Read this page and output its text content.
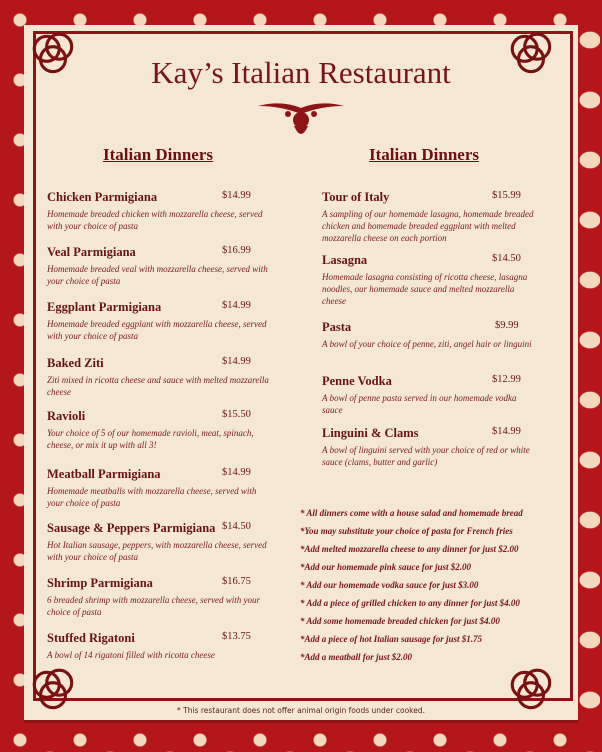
Kay’s Italian Restaurant
Italian Dinners	Italian Dinners
Chicken Parmigiana	$14.99
Homemade breaded chicken with mozzarella cheese, served with your choice of pasta
Veal Parmigiana	$16.99
Homemade breaded veal with mozzarella cheese, served with your choice of pasta
Eggplant Parmigiana	$14.99
Homemade breaded eggplant with mozzarella cheese, served with your choice of pasta
Baked Ziti	$14.99
Ziti mixed in ricotta cheese and sauce with melted mozzarella cheese
Ravioli	$15.50
Your choice of 5 of our homemade ravioli, meat, spinach, cheese, or mix it up with all 3!
Meatball Parmigiana	$14.99
Homemade meatballs with mozzarella cheese, served with your choice of pasta
Sausage & Peppers Parmigiana $14.50
Hot Italian sausage, peppers, with mozzarella cheese, served with your choice of pasta
Shrimp Parmigiana	$16.75
6 breaded shrimp with mozzarella cheese, served with your choice of pasta
Stuffed Rigatoni	$13.75
A bowl of 14 rigatoni filled with ricotta cheese
Tour of Italy	$15.99
A sampling of our homemade lasagna, homemade breaded chicken and homemade breaded eggplant with melted mozzarella cheese on each portion
Lasagna	$14.50
Homemade lasagna consisting of ricotta cheese, lasagna noodles, our homemade sauce and melted mozzarella cheese
Pasta	$9.99
A bowl of your choice of penne, ziti, angel hair or linguini
Penne Vodka	$12.99
A bowl of penne pasta served in our homemade vodka sauce
Linguini & Clams	$14.99
A bowl of linguini served with your choice of red or white sauce (clams, butter and garlic)
* All dinners come with a house salad and homemade bread
*You may substitute your choice of pasta for French fries
*Add melted mozzarella cheese to any dinner for just $2.00
*Add our homemade pink sauce for just $2.00
* Add our homemade vodka sauce for just $3.00
* Add a piece of grilled chicken to any dinner for just $4.00
* Add some homemade breaded chicken for just $4.00
*Add a piece of hot Italian sausage for just $1.75
*Add a meatball for just $2.00
* This restaurant does not offer animal origin foods under cooked.
